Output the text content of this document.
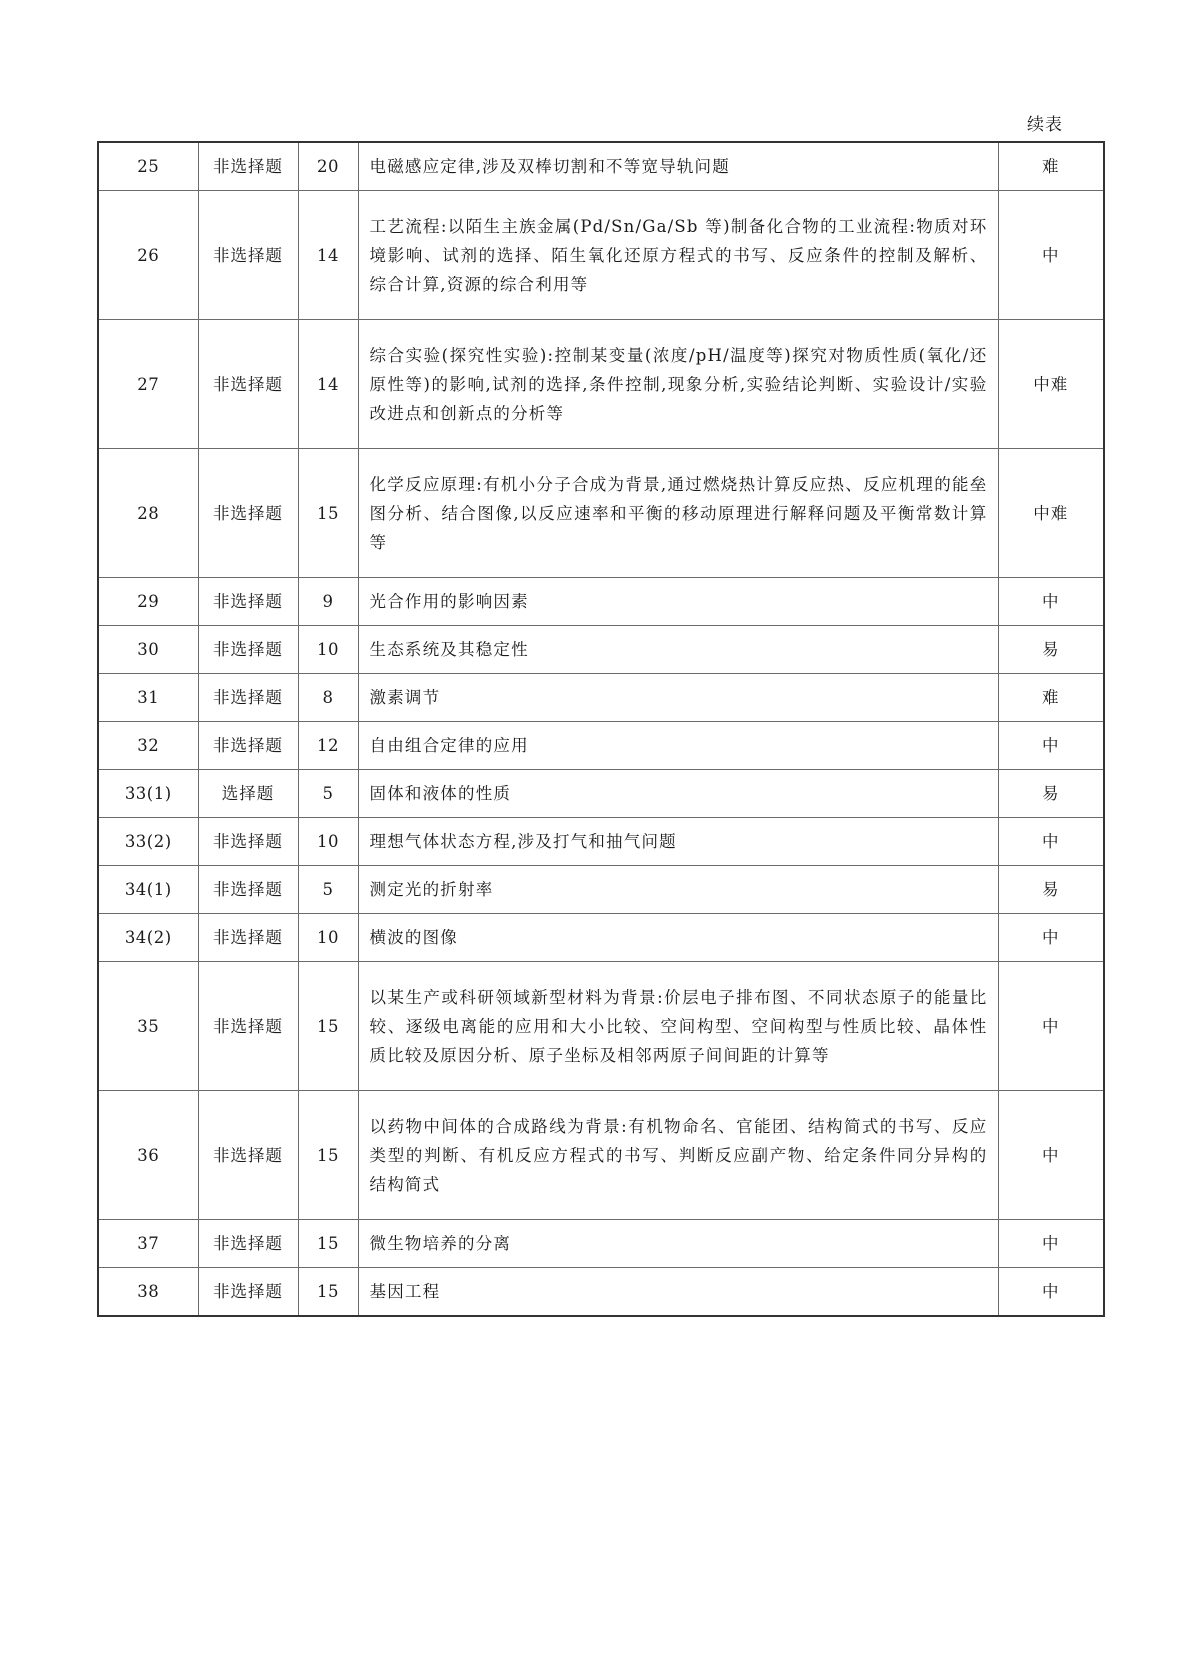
续表
25	非选择题	20	电磁感应定律,涉及双棒切割和不等宽导轨问题	难
26	非选择题	14	工艺流程:以陌生主族金属(Pd/Sn/Ga/Sb 等)制备化合物的工业流程:物质对环境影响、试剂的选择、陌生氧化还原方程式的书写、反应条件的控制及解析、综合计算,资源的综合利用等	中
27	非选择题	14	综合实验(探究性实验):控制某变量(浓度/pH/温度等)探究对物质性质(氧化/还原性等)的影响,试剂的选择,条件控制,现象分析,实验结论判断、实验设计/实验改进点和创新点的分析等	中难
28	非选择题	15	化学反应原理:有机小分子合成为背景,通过燃烧热计算反应热、反应机理的能垒图分析、结合图像,以反应速率和平衡的移动原理进行解释问题及平衡常数计算等	中难
29	非选择题	9	光合作用的影响因素	中
30	非选择题	10	生态系统及其稳定性	易
31	非选择题	8	激素调节	难
32	非选择题	12	自由组合定律的应用	中
33(1)	选择题	5	固体和液体的性质	易
33(2)	非选择题	10	理想气体状态方程,涉及打气和抽气问题	中
34(1)	非选择题	5	测定光的折射率	易
34(2)	非选择题	10	横波的图像	中
35	非选择题	15	以某生产或科研领域新型材料为背景:价层电子排布图、不同状态原子的能量比较、逐级电离能的应用和大小比较、空间构型、空间构型与性质比较、晶体性质比较及原因分析、原子坐标及相邻两原子间间距的计算等	中
36	非选择题	15	以药物中间体的合成路线为背景:有机物命名、官能团、结构简式的书写、反应类型的判断、有机反应方程式的书写、判断反应副产物、给定条件同分异构的结构简式	中
37	非选择题	15	微生物培养的分离	中
38	非选择题	15	基因工程	中
